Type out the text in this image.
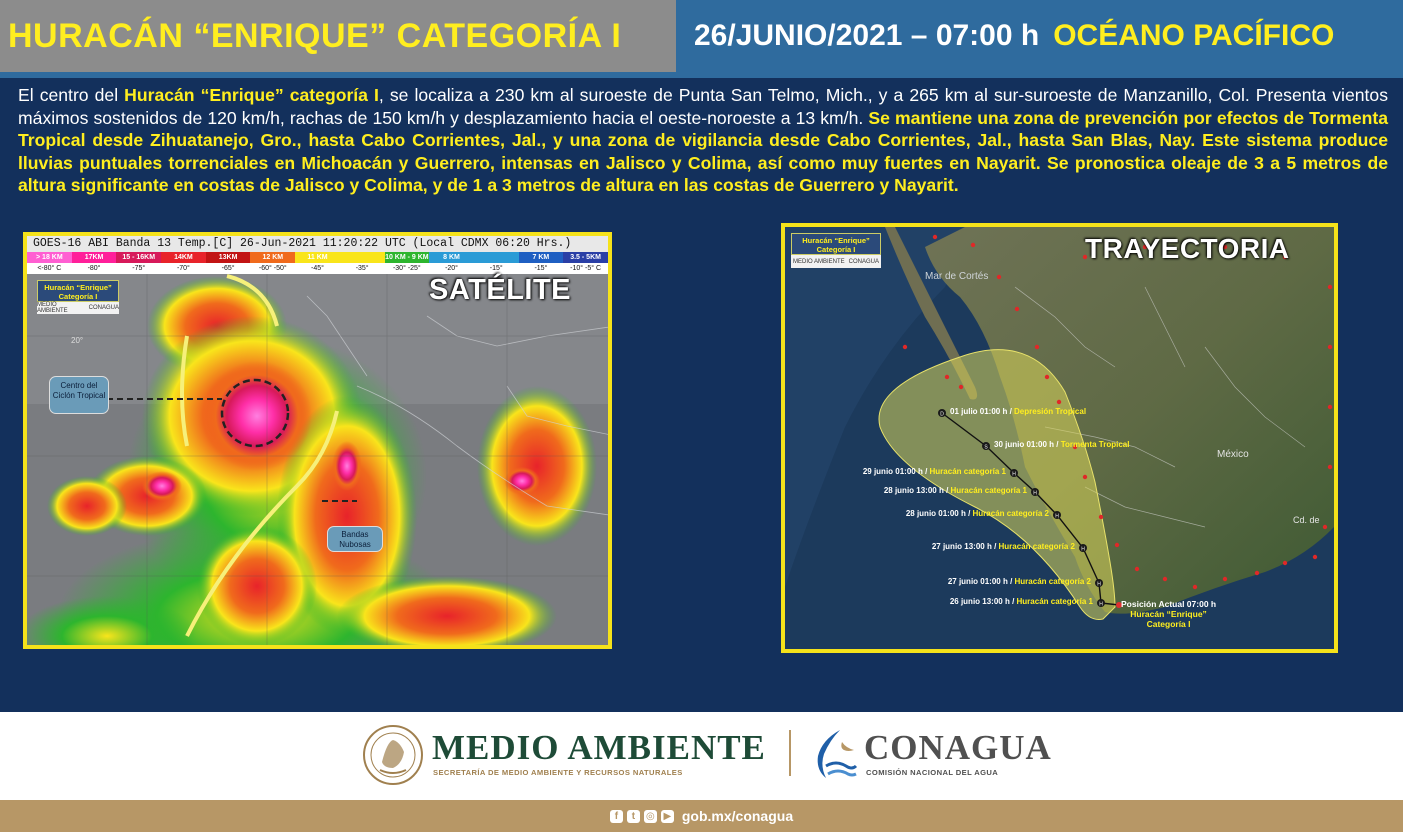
HURACÁN “ENRIQUE” CATEGORÍA I 26/JUNIO/2021 – 07:00 h OCÉANO PACÍFICO
El centro del Huracán “Enrique” categoría I, se localiza a 230 km al suroeste de Punta San Telmo, Mich., y a 265 km al sur-suroeste de Manzanillo, Col. Presenta vientos máximos sostenidos de 120 km/h, rachas de 150 km/h y desplazamiento hacia el oeste-noroeste a 13 km/h. Se mantiene una zona de prevención por efectos de Tormenta Tropical desde Zihuatanejo, Gro., hasta Cabo Corrientes, Jal., y una zona de vigilancia desde Cabo Corrientes, Jal., hasta San Blas, Nay. Este sistema produce lluvias puntuales torrenciales en Michoacán y Guerrero, intensas en Jalisco y Colima, así como muy fuertes en Nayarit. Se pronostica oleaje de 3 a 5 metros de altura significante en costas de Jalisco y Colima, y de 1 a 3 metros de altura en las costas de Guerrero y Nayarit.
GOES-16 ABI Banda 13 Temp.[C] 26-Jun-2021 11:20:22 UTC (Local CDMX 06:20 Hrs.)
> 18 KM
<-80° C
17KM
-80°
15 - 16KM
-75°
14KM
-70°
13KM
-65°
12 KM
-60° -50°
11 KM
-45°	-35°
10 KM - 9 KM
-30° -25°
8 KM
-20°	-15°
7 KM
-15°
3.5 - 5KM
-10° -5° C
Huracán “Enrique” Categoría I
MEDIO AMBIENTE	CONAGUA
SATÉLITE
20°
Centro del Ciclón Tropical
Bandas Nubosas
D
S
H
H
H
H
H
H
Huracán “Enrique” Categoría I
MEDIO AMBIENTE CONAGUA	TRAYECTORIA
Mar de Cortés
México
Cd. de
01 julio 01:00 h / Depresión Tropical
30 junio 01:00 h / Tormenta Tropical
29 junio 01:00 h / Huracán categoría 1
28 junio 13:00 h / Huracán categoría 1
28 junio 01:00 h / Huracán categoría 2
27 junio 13:00 h / Huracán categoría 2
27 junio 01:00 h / Huracán categoría 2
26 junio 13:00 h / Huracán categoría 1	Posición Actual 07:00 h
Huracán “Enrique”
Categoría I
MEDIO AMBIENTE
SECRETARÍA DE MEDIO AMBIENTE Y RECURSOS NATURALES
CONAGUA
COMISIÓN NACIONAL DEL AGUA
f	t	◎ ▶ gob.mx/conagua
